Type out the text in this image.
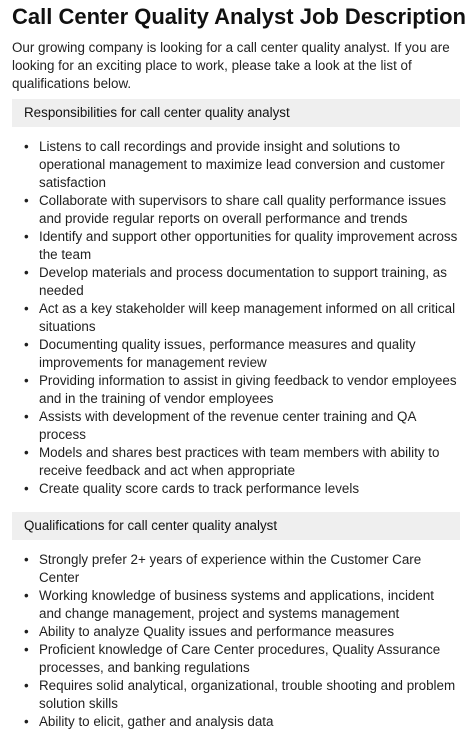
Call Center Quality Analyst Job Description

Our growing company is looking for a call center quality analyst. If you are looking for an exciting place to work, please take a look at the list of qualifications below.

Responsibilities for call center quality analyst
• Listens to call recordings and provide insight and solutions to operational management to maximize lead conversion and customer satisfaction
• Collaborate with supervisors to share call quality performance issues and provide regular reports on overall performance and trends
• Identify and support other opportunities for quality improvement across the team
• Develop materials and process documentation to support training, as needed
• Act as a key stakeholder will keep management informed on all critical situations
• Documenting quality issues, performance measures and quality improvements for management review
• Providing information to assist in giving feedback to vendor employees and in the training of vendor employees
• Assists with development of the revenue center training and QA process
• Models and shares best practices with team members with ability to receive feedback and act when appropriate
• Create quality score cards to track performance levels
Qualifications for call center quality analyst
• Strongly prefer 2+ years of experience within the Customer Care Center
• Working knowledge of business systems and applications, incident and change management, project and systems management
• Ability to analyze Quality issues and performance measures
• Proficient knowledge of Care Center procedures, Quality Assurance processes, and banking regulations
• Requires solid analytical, organizational, trouble shooting and problem solution skills
• Ability to elicit, gather and analysis data
